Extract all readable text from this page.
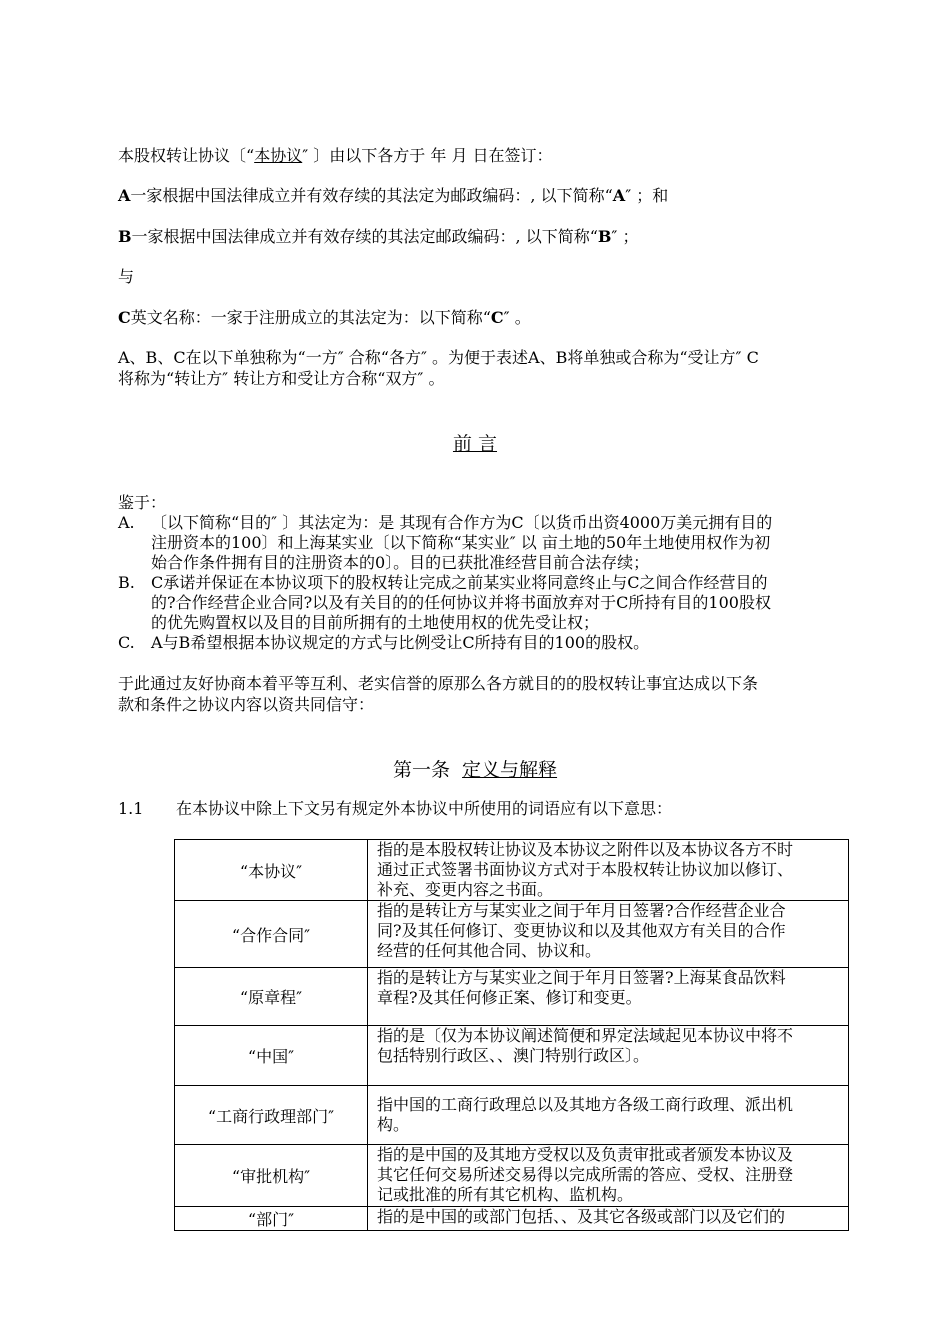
本股权转让协议〔“本协议″ 〕由以下各方于 年 月 日在签订：
A一家根据中国法律成立并有效存续的其法定为邮政编码：, 以下简称“A″ ；和
B一家根据中国法律成立并有效存续的其法定邮政编码：, 以下简称“B″ ；
与
C英文名称：一家于注册成立的其法定为：以下简称“C″ 。
A、B、C在以下单独称为“一方″ 合称“各方″ 。为便于表述A、B将单独或合称为“受让方″ C
将称为“转让方″ 转让方和受让方合称“双方″ 。
前 言
鉴于：
A. 〔以下简称“目的″ 〕其法定为：是 其现有合作方为C〔以货币出资4000万美元拥有目的
注册资本的100〕和上海某实业〔以下简称“某实业″ 以 亩土地的50年土地使用权作为初
始合作条件拥有目的注册资本的0〕。目的已获批准经营目前合法存续；
B. C承诺并保证在本协议项下的股权转让完成之前某实业将同意终止与C之间合作经营目的
的?合作经营企业合同?以及有关目的的任何协议并将书面放弃对于C所持有目的100股权
的优先购置权以及目的目前所拥有的土地使用权的优先受让权；
C. A与B希望根据本协议规定的方式与比例受让C所持有目的100的股权。
于此通过友好协商本着平等互利、老实信誉的原那么各方就目的的股权转让事宜达成以下条
款和条件之协议内容以资共同信守：
第一条 定义与解释
1.1 在本协议中除上下文另有规定外本协议中所使用的词语应有以下意思：
“本协议″	指的是本股权转让协议及本协议之附件以及本协议各方不时
通过正式签署书面协议方式对于本股权转让协议加以修订、
补充、变更内容之书面。

“合作合同″	指的是转让方与某实业之间于年月日签署?合作经营企业合
同?及其任何修订、变更协议和以及其他双方有关目的合作
经营的任何其他合同、协议和。

“原章程″	指的是转让方与某实业之间于年月日签署?上海某食品饮料
章程?及其任何修正案、修订和变更。

“中国″	指的是〔仅为本协议阐述简便和界定法域起见本协议中将不
包括特别行政区、、澳门特别行政区〕。

“工商行政理部门″	指中国的工商行政理总以及其地方各级工商行政理、派出机
构。

“审批机构″	指的是中国的及其地方受权以及负责审批或者颁发本协议及
其它任何交易所述交易得以完成所需的答应、受权、注册登
记或批准的所有其它机构、监机构。

“部门″	指的是中国的或部门包括、、及其它各级或部门以及它们的
